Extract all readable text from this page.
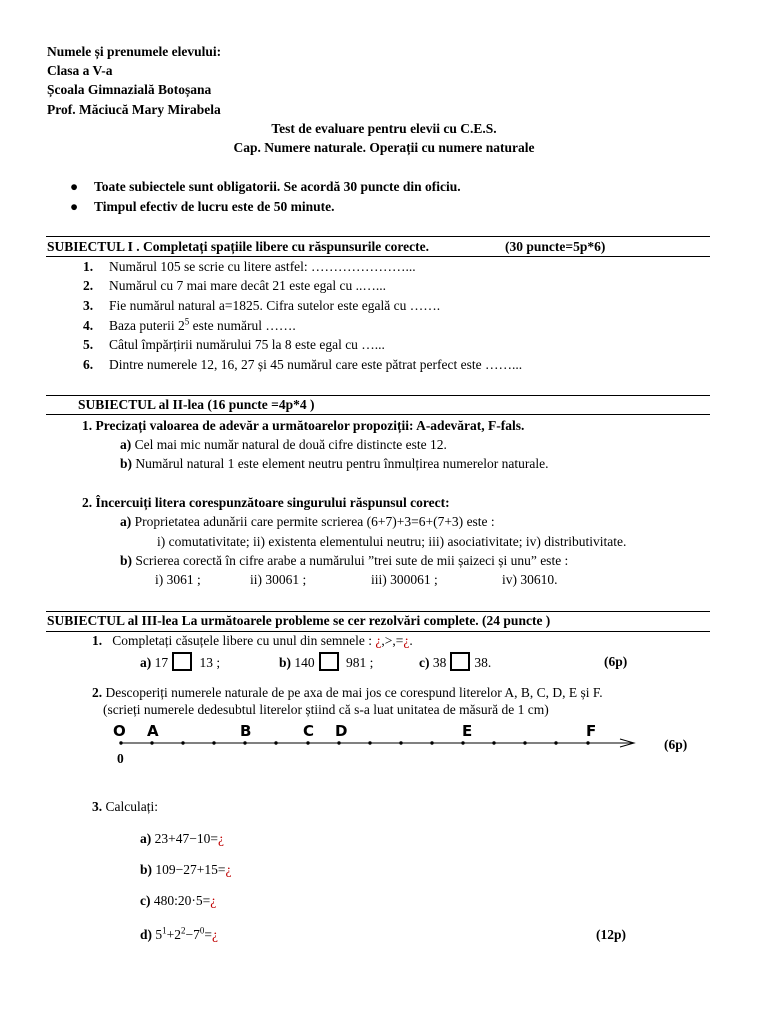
Numele și prenumele elevului:
Clasa a V-a
Școala Gimnazială Botoșana
Prof. Măciucă Mary Mirabela
Test de evaluare pentru elevii cu C.E.S.
Cap. Numere naturale. Operații cu numere naturale
● Toate subiectele sunt obligatorii. Se acordă 30 puncte din oficiu.
● Timpul efectiv de lucru este de 50 minute.
SUBIECTUL I . Completați spațiile libere cu răspunsurile corecte.	(30 puncte=5p*6)
1. Numărul 105 se scrie cu litere astfel: …………………...
2. Numărul cu 7 mai mare decât 21 este egal cu ..…...
3. Fie numărul natural a=1825. Cifra sutelor este egală cu …….
4. Baza puterii $2^5$ este numărul …….
5. Câtul împărțirii numărului 75 la 8 este egal cu …...
6. Dintre numerele 12, 16, 27 și 45 numărul care este pătrat perfect este ……...
SUBIECTUL al II-lea (16 puncte =4p*4 )
1. Precizați valoarea de adevăr a următoarelor propoziții: A-adevărat, F-fals.
a) Cel mai mic număr natural de două cifre distincte este 12.
b) Numărul natural 1 este element neutru pentru înmulțirea numerelor naturale.
2. Încercuiți litera corespunzătoare singurului răspunsul corect:
a) Proprietatea adunării care permite scrierea (6+7)+3=6+(7+3) este :
i) comutativitate; ii) existenta elementului neutru; iii) asociativitate; iv) distributivitate.
b) Scrierea corectă în cifre arabe a numărului ”trei sute de mii șaizeci și unu” este :
i) 3061 ;	ii) 30061 ;	iii) 300061 ;	iv) 30610.
SUBIECTUL al III-lea La următoarele probleme se cer rezolvări complete. (24 puncte )
1. Completați căsuțele libere cu unul din semnele : ¿,>,=¿.
a) 17 13 ;	b) 140 981 ;	c) 38 38.	(6p)
2. Descoperiți numerele naturale de pe axa de mai jos ce corespund literelor A, B, C, D, E și F.
(scrieți numerele dedesubtul literelor știind că s-a luat unitatea de măsură de 1 cm)
O A	B	C D	E	F
0
(6p)
3. Calculați:
a) 23+47−10=¿
b) 109−27+15=¿
c) 480:20·5=¿
d) $5^1+2^2-7^0=¿$	(12p)
